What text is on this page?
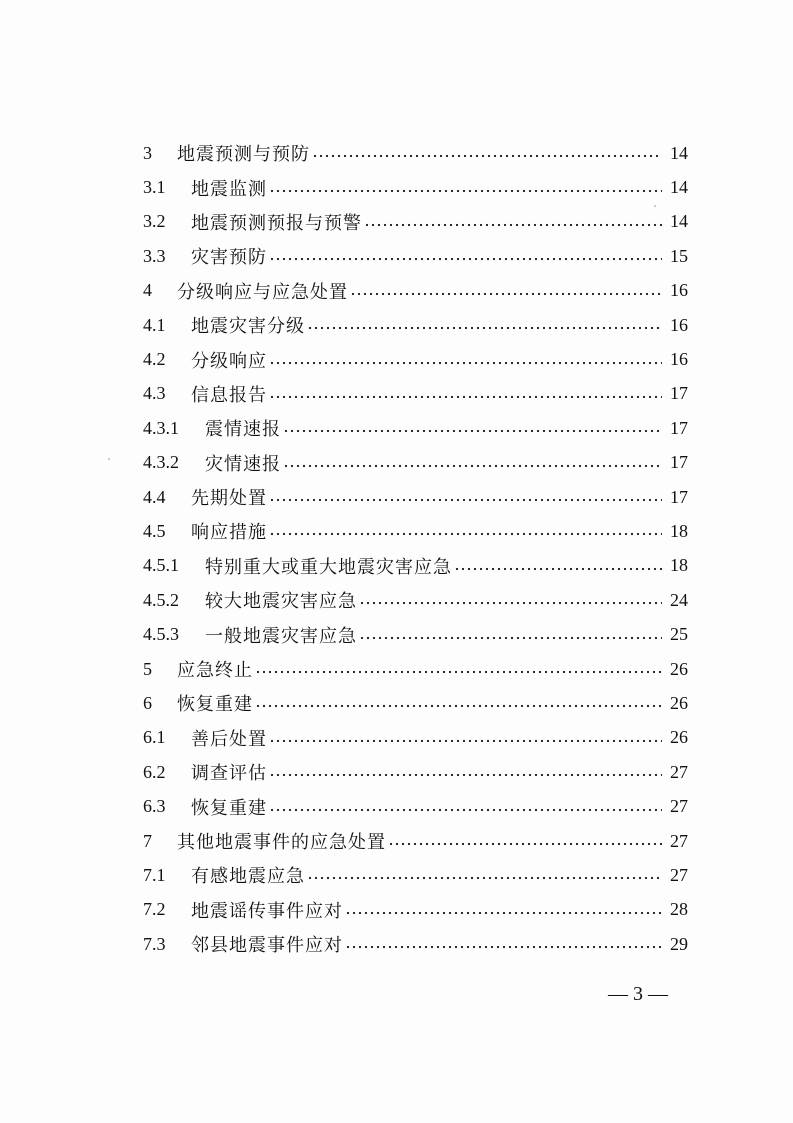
3	地震预测与预防	14
3.1	地震监测	14
3.2	地震预测预报与预警	14
3.3	灾害预防	15
4	分级响应与应急处置	16
4.1	地震灾害分级	16
4.2	分级响应	16
4.3	信息报告	17
4.3.1	震情速报	17
4.3.2	灾情速报	17
4.4	先期处置	17
4.5	响应措施	18
4.5.1	特别重大或重大地震灾害应急	18
4.5.2	较大地震灾害应急	24
4.5.3	一般地震灾害应急	25
5	应急终止	26
6	恢复重建	26
6.1	善后处置	26
6.2	调查评估	27
6.3	恢复重建	27
7	其他地震事件的应急处置	27
7.1	有感地震应急	27
7.2	地震谣传事件应对	28
7.3	邻县地震事件应对	29
— 3 —
